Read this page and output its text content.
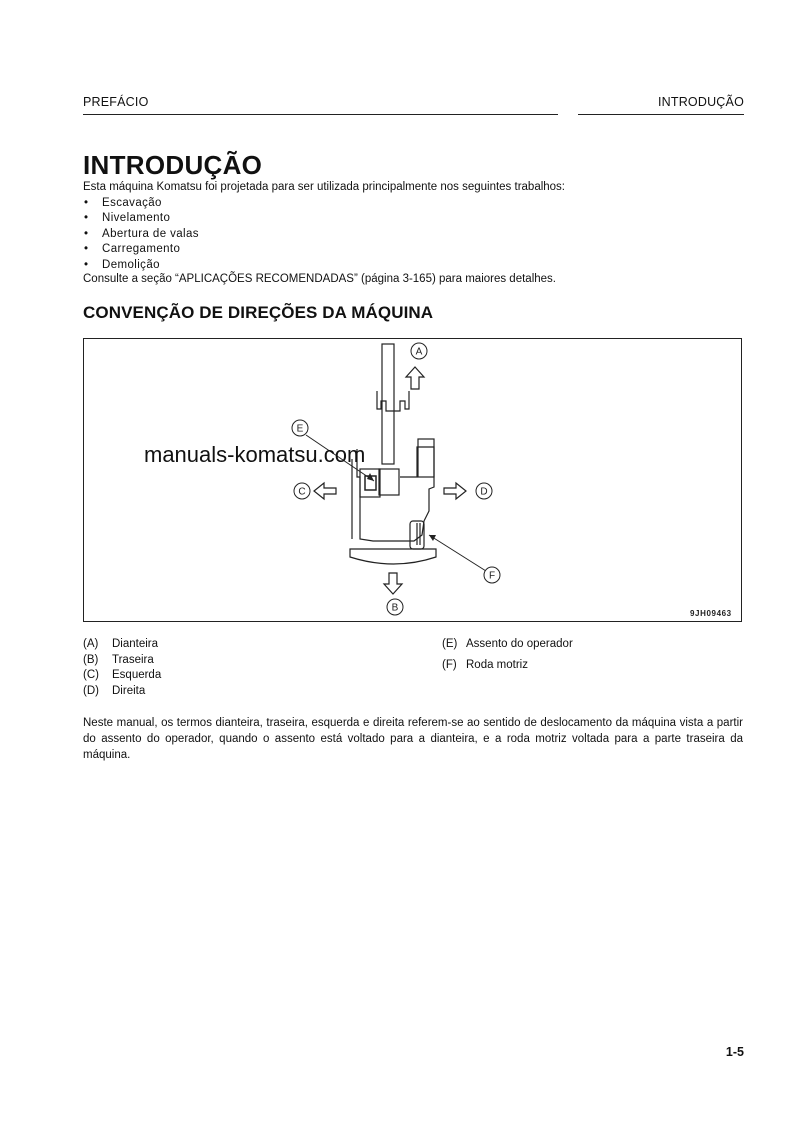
PREFÁCIO	INTRODUÇÃO
INTRODUÇÃO
Esta máquina Komatsu foi projetada para ser utilizada principalmente nos seguintes trabalhos:
• Escavação
• Nivelamento
• Abertura de valas
• Carregamento
• Demolição
Consulte a seção “APLICAÇÕES RECOMENDADAS” (página 3-165) para maiores detalhes.
CONVENÇÃO DE DIREÇÕES DA MÁQUINA
A
B
C	D
E
F
9JH09463
manuals-komatsu.com
(A) Dianteira
(B) Traseira
(C) Esquerda
(D) Direita
(E) Assento do operador
(F) Roda motriz

Neste manual, os termos dianteira, traseira, esquerda e direita referem-se ao sentido de deslocamento da máquina vista a partir do assento do operador, quando o assento está voltado para a dianteira, e a roda motriz voltada para a parte traseira da máquina.

1-5
